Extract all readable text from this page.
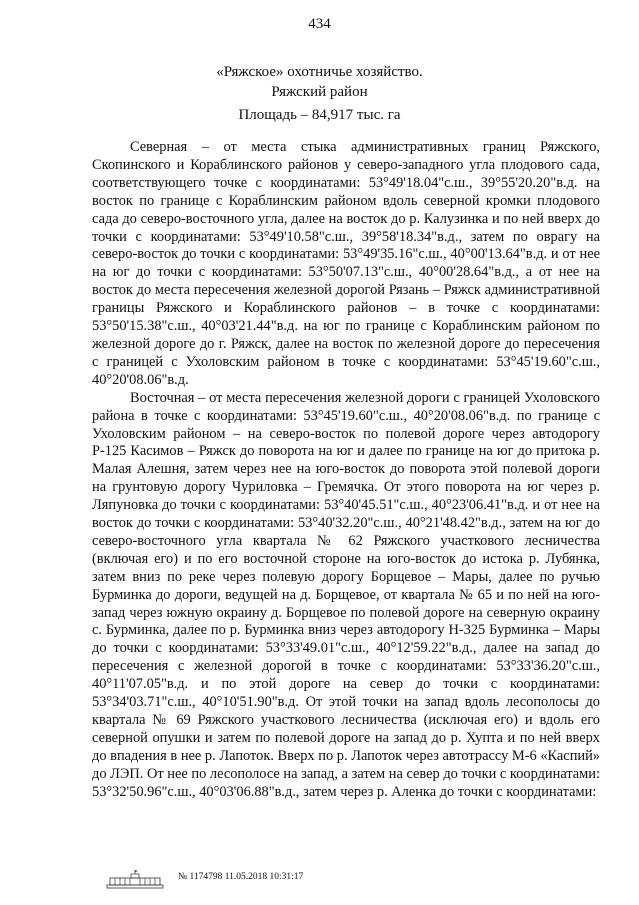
434
«Ряжское» охотничье хозяйство.
Ряжский район
Площадь – 84,917 тыс. га

Северная – от места стыка административных границ Ряжского, Скопинского и Кораблинского районов у северо-западного угла плодового сада, соответствующего точке с координатами: 53°49'18.04"с.ш., 39°55'20.20"в.д. на восток по границе с Кораблинским районом вдоль северной кромки плодового сада до северо-восточного угла, далее на восток до р. Калузинка и по ней вверх до точки с координатами: 53°49'10.58"с.ш., 39°58'18.34"в.д., затем по оврагу на северо-восток до точки с координатами: 53°49'35.16"с.ш., 40°00'13.64"в.д. и от нее на юг до точки с координатами: 53°50'07.13"с.ш., 40°00'28.64"в.д., а от нее на восток до места пересечения железной дорогой Рязань – Ряжск административной границы Ряжского и Кораблинского районов – в точке с координатами: 53°50'15.38"с.ш., 40°03'21.44"в.д. на юг по границе с Кораблинским районом по железной дороге до г. Ряжск, далее на восток по железной дороге до пересечения с границей с Ухоловским районом в точке с координатами: 53°45'19.60"с.ш., 40°20'08.06"в.д.

Восточная – от места пересечения железной дороги с границей Ухоловского района в точке с координатами: 53°45'19.60"с.ш., 40°20'08.06"в.д. по границе с Ухоловским районом – на северо-восток по полевой дороге через автодорогу Р-125 Касимов – Ряжск до поворота на юг и далее по границе на юг до притока р. Малая Алешня, затем через нее на юго-восток до поворота этой полевой дороги на грунтовую дорогу Чуриловка – Гремячка. От этого поворота на юг через р. Ляпуновка до точки с координатами: 53°40'45.51"с.ш., 40°23'06.41"в.д. и от нее на восток до точки с координатами: 53°40'32.20"с.ш., 40°21'48.42"в.д., затем на юг до северо-восточного угла квартала № 62 Ряжского участкового лесничества (включая его) и по его восточной стороне на юго-восток до истока р. Лубянка, затем вниз по реке через полевую дорогу Борщевое – Мары, далее по ручью Бурминка до дороги, ведущей на д. Борщевое, от квартала № 65 и по ней на юго-запад через южную окраину д. Борщевое по полевой дороге на северную окраину с. Бурминка, далее по р. Бурминка вниз через автодорогу Н-325 Бурминка – Мары до точки с координатами: 53°33'49.01"с.ш., 40°12'59.22"в.д., далее на запад до пересечения с железной дорогой в точке с координатами: 53°33'36.20"с.ш., 40°11'07.05"в.д. и по этой дороге на север до точки с координатами: 53°34'03.71"с.ш., 40°10'51.90"в.д. От этой точки на запад вдоль лесополосы до квартала № 69 Ряжского участкового лесничества (исключая его) и вдоль его северной опушки и затем по полевой дороге на запад до р. Хупта и по ней вверх до впадения в нее р. Лапоток. Вверх по р. Лапоток через автотрассу М-6 «Каспий» до ЛЭП. От нее по лесополосе на запад, а затем на север до точки с координатами: 53°32'50.96"с.ш., 40°03'06.88"в.д., затем через р. Аленка до точки с координатами:

№ 1174798 11.05.2018 10:31:17
